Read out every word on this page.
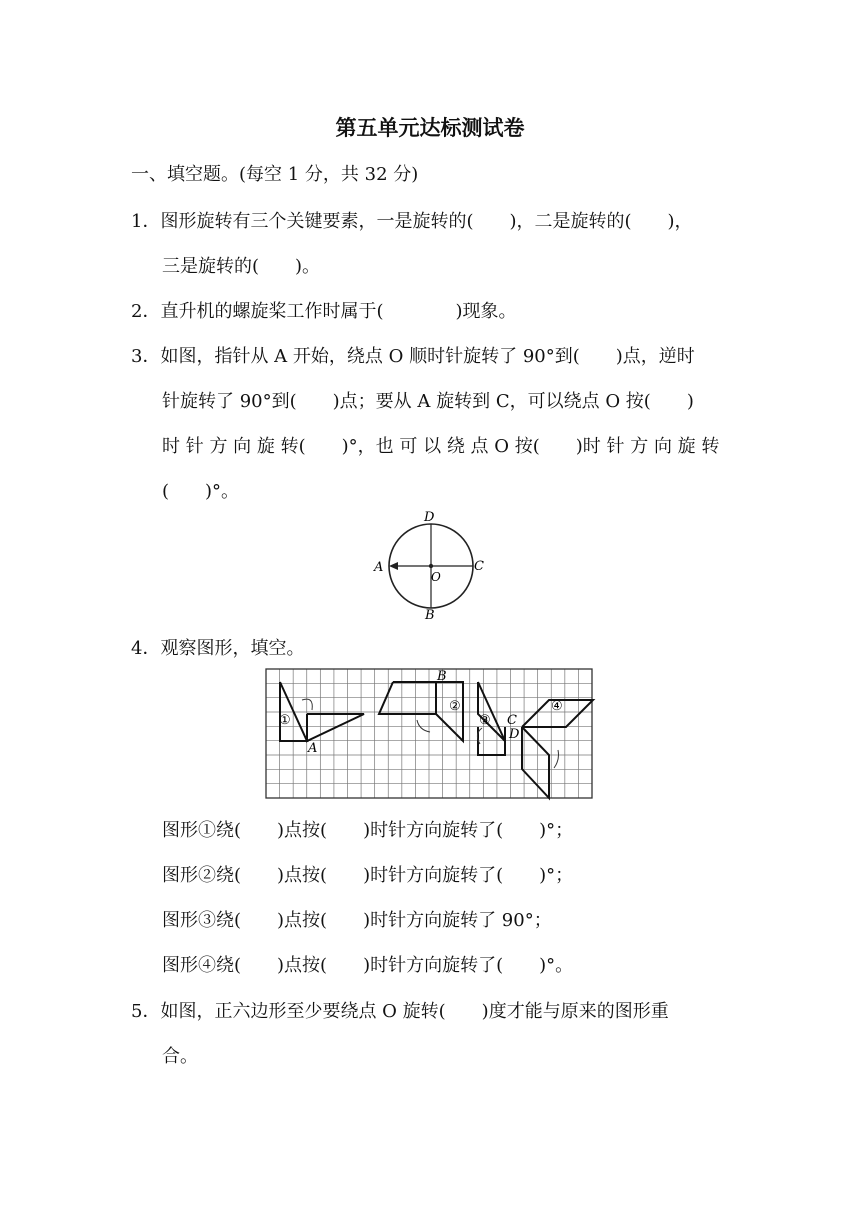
第五单元达标测试卷
一、填空题。(每空 1 分，共 32 分)
1．图形旋转有三个关键要素，一是旋转的(　　)，二是旋转的(　　)，
三是旋转的(　　)。
2．直升机的螺旋桨工作时属于(　　　　)现象。
3．如图，指针从 A 开始，绕点 O 顺时针旋转了 90°到(　　)点，逆时
针旋转了 90°到(　　)点；要从 A 旋转到 C，可以绕点 O 按(　　)
时 针 方 向 旋 转(　　)°，也 可 以 绕 点 O 按(　　)时 针 方 向 旋 转
(　　)°。
D
A
O
C
B
4．观察图形，填空。
B
C
D
A
①
②
③
④
图形①绕(　　)点按(　　)时针方向旋转了(　　)°；
图形②绕(　　)点按(　　)时针方向旋转了(　　)°；
图形③绕(　　)点按(　　)时针方向旋转了 90°；
图形④绕(　　)点按(　　)时针方向旋转了(　　)°。
5．如图，正六边形至少要绕点 O 旋转(　　)度才能与原来的图形重
合。
